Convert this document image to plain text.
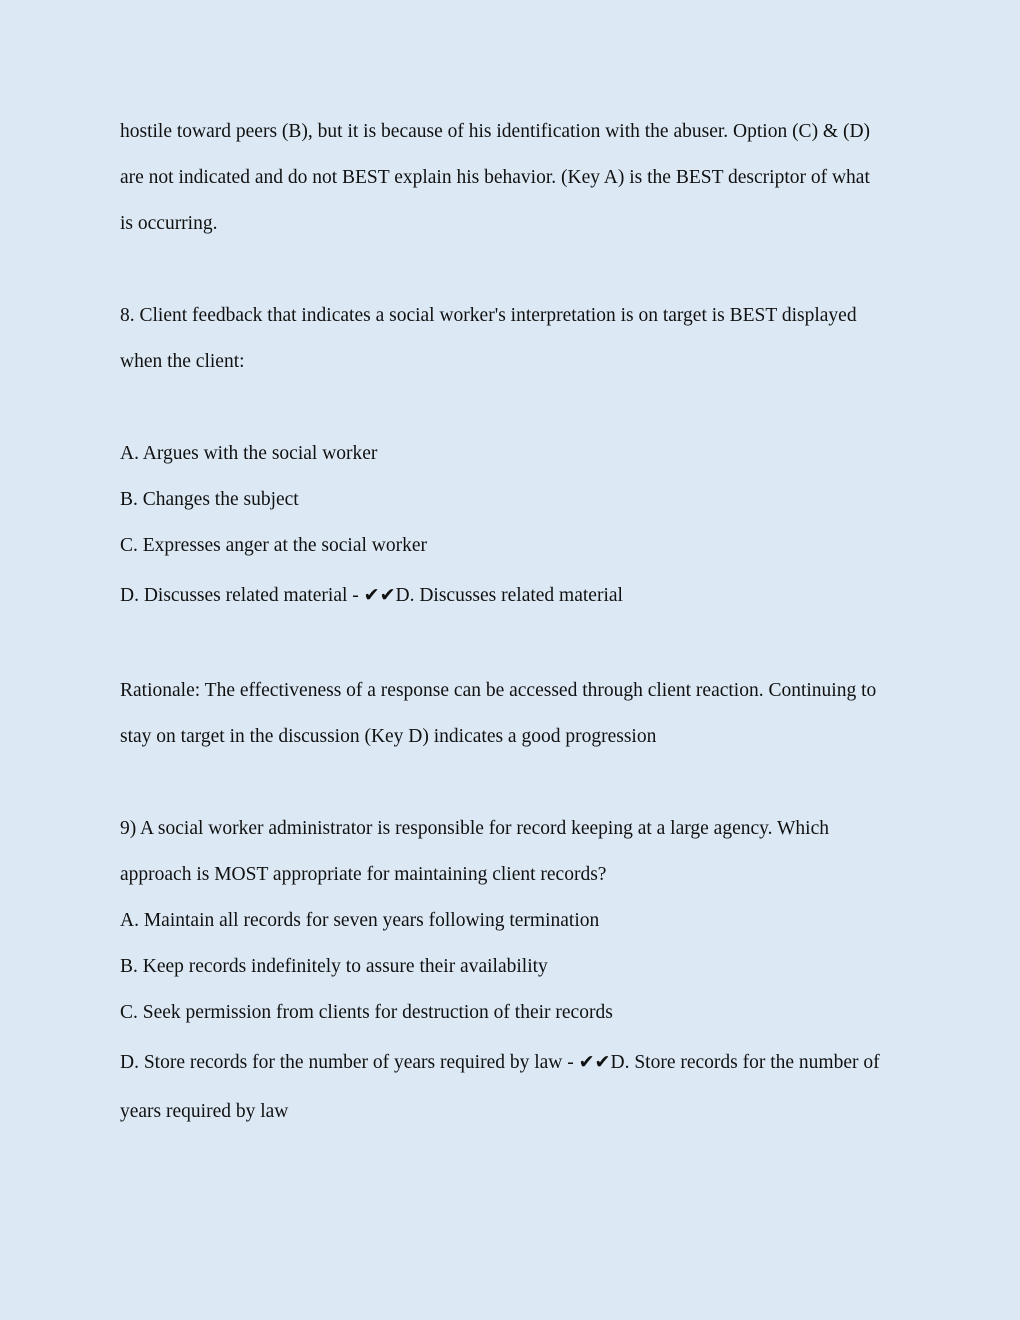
hostile toward peers (B), but it is because of his identification with the abuser. Option (C) & (D)
are not indicated and do not BEST explain his behavior. (Key A) is the BEST descriptor of what
is occurring.
8. Client feedback that indicates a social worker's interpretation is on target is BEST displayed
when the client:
A. Argues with the social worker
B. Changes the subject
C. Expresses anger at the social worker
D. Discusses related material - ✔✔D. Discusses related material
Rationale: The effectiveness of a response can be accessed through client reaction. Continuing to
stay on target in the discussion (Key D) indicates a good progression
9) A social worker administrator is responsible for record keeping at a large agency. Which
approach is MOST appropriate for maintaining client records?
A. Maintain all records for seven years following termination
B. Keep records indefinitely to assure their availability
C. Seek permission from clients for destruction of their records
D. Store records for the number of years required by law - ✔✔D. Store records for the number of
years required by law
